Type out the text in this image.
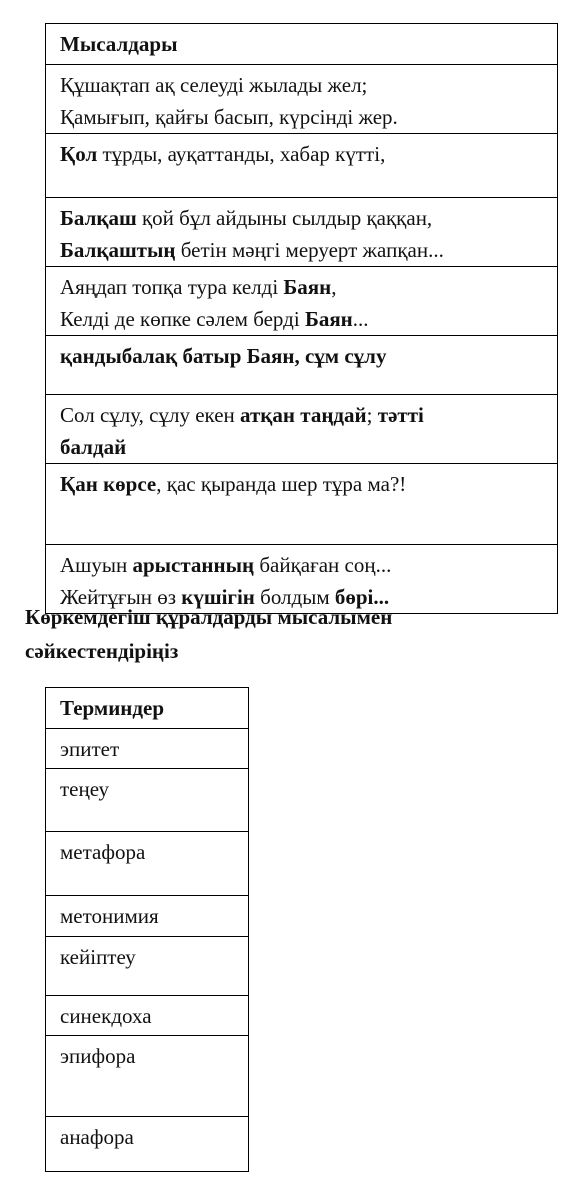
Мысалдары

Құшақтап ақ селеуді жылады жел;
Қамығып, қайғы басып, күрсінді жер.

Қол тұрды, ауқаттанды, хабар күтті,

Балқаш қой бұл айдыны сылдыр қаққан,
Балқаштың бетін мәңгі меруерт жапқан...

Аяңдап топқа тура келді Баян,
Келді де көпке сәлем берді Баян...

қандыбалақ батыр Баян, сұм сұлу

Сол сұлу, сұлу екен атқан таңдай; тәтті
балдай

Қан көрсе, қас қыранда шер тұра ма?!

Ашуын арыстанның байқаған соң...
Жейтұғын өз күшігін болдым бөрі...
Көркемдегіш құралдарды мысалымен
сәйкестендіріңіз
Терминдер
эпитет
теңеу
метафора
метонимия
кейіптеу
синекдоха
эпифора
анафора
